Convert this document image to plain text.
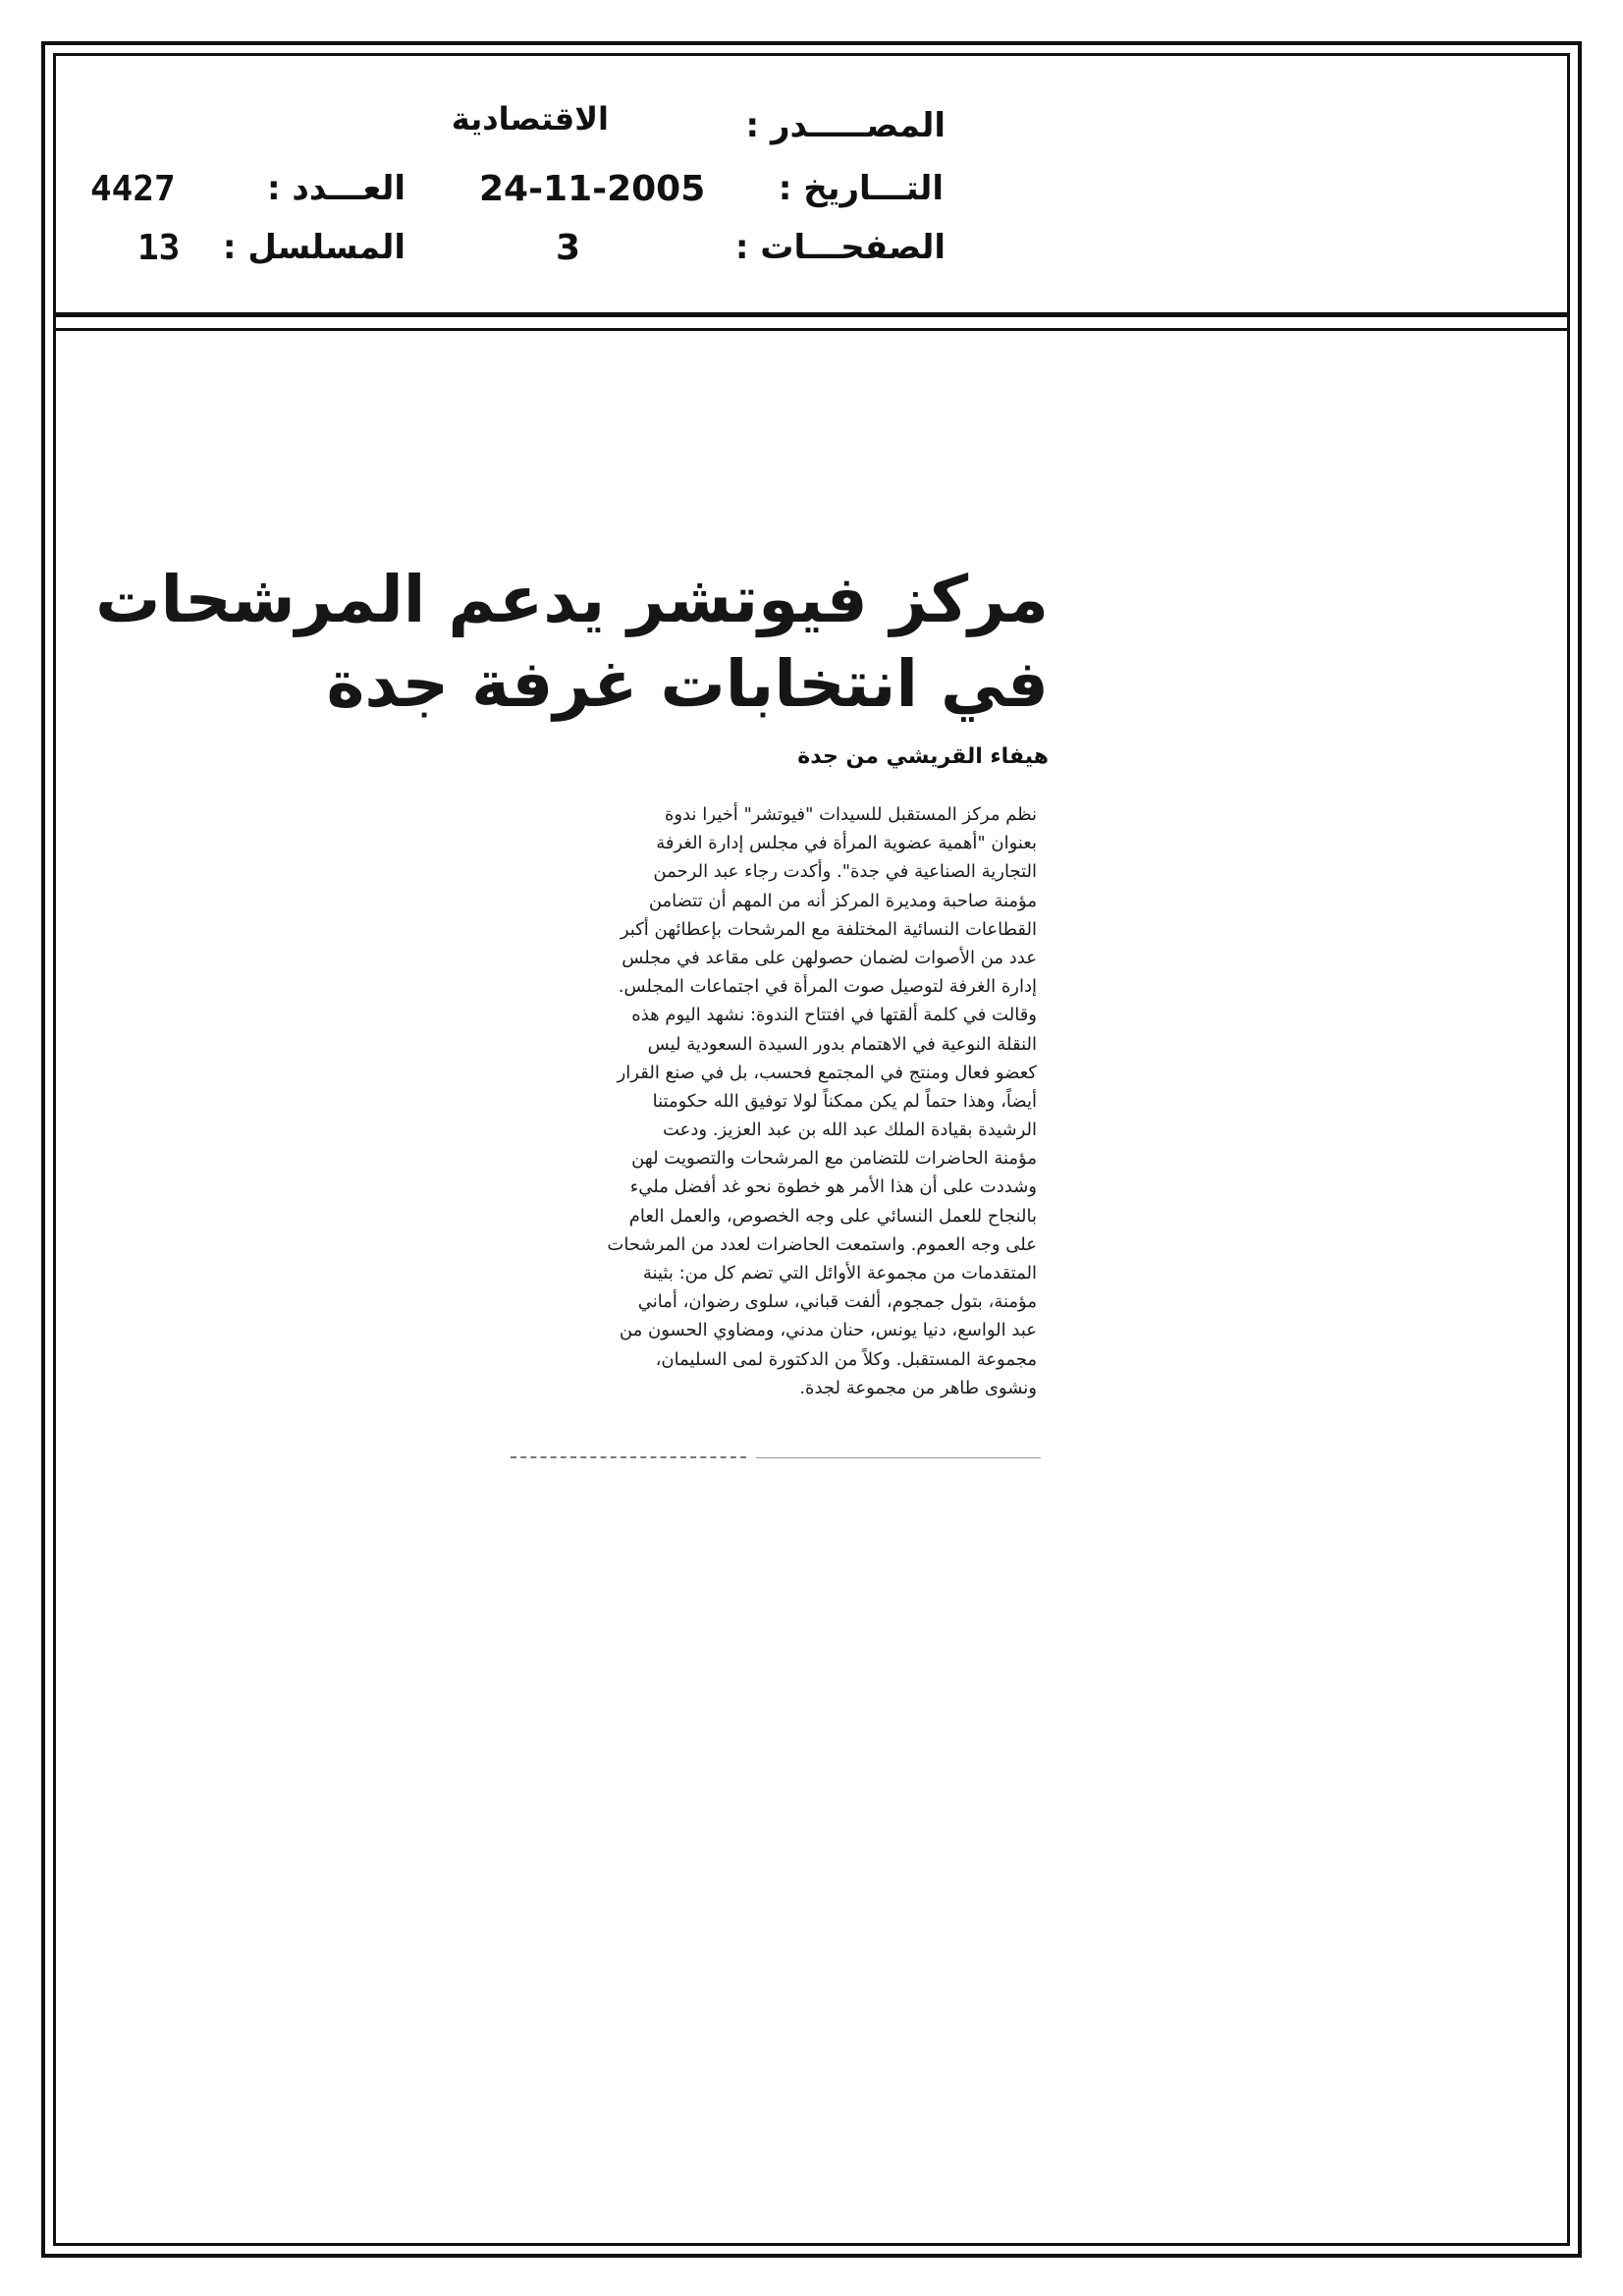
المصـــــدر :
الاقتصادية
التـــاريخ :
24-11-2005
العـــدد :
4427
الصفحـــات :
3
المسلسل :
13
مركز فيوتشر يدعم المرشحات
في انتخابات غرفة جدة
هيفاء القريشي من جدة
نظم مركز المستقبل للسيدات "فيوتشر" أخيرا ندوة
بعنوان "أهمية عضوية المرأة في مجلس إدارة الغرفة
التجارية الصناعية في جدة". وأكدت رجاء عبد الرحمن
مؤمنة صاحبة ومديرة المركز أنه من المهم أن تتضامن
القطاعات النسائية المختلفة مع المرشحات بإعطائهن أكبر
عدد من الأصوات لضمان حصولهن على مقاعد في مجلس
إدارة الغرفة لتوصيل صوت المرأة في اجتماعات المجلس.
وقالت في كلمة ألقتها في افتتاح الندوة: نشهد اليوم هذه
النقلة النوعية في الاهتمام بدور السيدة السعودية ليس
كعضو فعال ومنتج في المجتمع فحسب، بل في صنع القرار
أيضاً، وهذا حتماً لم يكن ممكناً لولا توفيق الله حكومتنا
الرشيدة بقيادة الملك عبد الله بن عبد العزيز. ودعت
مؤمنة الحاضرات للتضامن مع المرشحات والتصويت لهن
وشددت على أن هذا الأمر هو خطوة نحو غد أفضل مليء
بالنجاح للعمل النسائي على وجه الخصوص، والعمل العام
على وجه العموم. واستمعت الحاضرات لعدد من المرشحات
المتقدمات من مجموعة الأوائل التي تضم كل من: بثينة
مؤمنة، بتول جمجوم، ألفت قباني، سلوى رضوان، أماني
عبد الواسع، دنيا يونس، حنان مدني، ومضاوي الحسون من
مجموعة المستقبل. وكلاً من الدكتورة لمى السليمان،
ونشوى طاهر من مجموعة لجدة.
